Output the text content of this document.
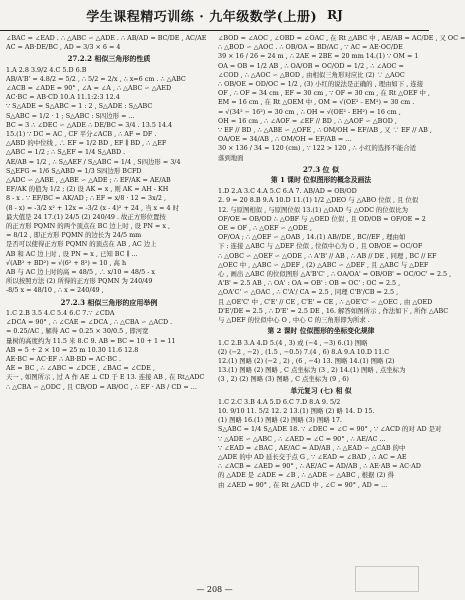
学生课程精巧训练 · 九年级数学(上册) RJ
∠BAC = ∠EAD . ∴ △ABC ∽ △ADE . ∴ AB/AD = BC/DE , AC/AE
AC = AB·DE/BC , AD = 3/3 × 6 = 4
27.2.2 相似三角形的性质
1.A 2.8 3.9/2 4.C 5.D 6.B
AB/A'B' = 4.8/2 = 5/2 , ∴ 5/2 = 2/x , ∴ x=6 cm . ∴ △ABC
∠ACB = ∠ADE = 90° , ∠A = ∠A , ∴ △ABC ∽ △AED
AC·BC = AB·CD 10.A 11.1:2:3 12.4
∵ S△ADE = S△ABC = 1 : 2 , S△ADE : S△ABC
S△ABC = 1/2 · 1 ; S△ABC : S四边形 = ...
BC = 3 ∴ ∠DEC ∽ △ADE ∴ DE/BC = 3/4 . 13.5 14.4
15.(1) ∵ DC = AC , CF 平分∠ACB , ∴ AF = DF .
△ABD 的中位线 , ∴ EF = 1/2 BD , EF ∥ BD , ∴ △EF
△ABC = 1/2 ; ∴ S△EF = 1/4 S△ABD .
AE/AB = 1/2 , ∴ S△AEF / S△ABC = 1/4 , S四边形 = 3/4
S△EFG = 1/6 S△ABD = 1/3 S四边形 BCFD
△ADC ∽ △ABE , △ABE ∽ △ADE ; ∴ EF/AK = AE/AB
EF/AK 的值为 1/2 ; (2) 设 AK = x , 则 AK = AH - KH
8 - x . ∵ EF/BC = AK/AD ; ∴ EF = x/8 · 12 = 3x/2 ,
(8 - x) = -3/2 x² + 12x = -3/2 (x - 4)² + 24 , 当 x = 4 时
最大值是 24 17.(1) 24/5 (2) 240/49 . 故正方形位置按
的正方形 PQMN 的两个顶点在 BC 边上时 , 设 PN = x ,
= 8/12 , 即正方形 PQMN 的边长为 24/5 mm
是否可以使得正方形 PQMN 的顶点在 AB , AC 边上
AB 和 AC 边上时 , 设 PN = x , 已知 BC ∥ ...
√(AB² + BD²) = √(6² + 8²) = 10 , 高 h
AB 与 AC 边上时的高 = 48/5 , ∴ x/10 = 48/5 - x
所以按照方法 (2) 所得的正方形 PQMN 为 240/49
-8/5 x = 48/10 , ∴ x = 240/49 ,
27.2.3 相似三角形的应用举例
1.C 2.B 3.5 4.C 5.4 6.C 7.∵ ∠CDA
∠DCA = 90° , ∴ ∠CAE = ∠DCA , ∴ △CBA ∽ △ACD .
= 0.25/AC , 解得 AC = 0.25 × 30/0.5 , 即河宽
量树的高度约为 11.5 米 8.C 9. AB = BC = 10 + 1 = 11
AB = 5 ÷ 2 × 10 = 25 m 10.30 11.6 12.8
AE·BC = AC·EF ∴ AB·BD = AC·BC .
AE = BC , ∴ ∠ABC = ∠DCE , ∠BAC = ∠CDE ,
天一 , 如图所示 , 过 A 作 AE ⊥ CD 于 E 13. 连接 AB , 在 Rt△ADC
∴ △CBA ∽ △ODC , 且 CB/OD = AB/OC , ∴ EF · AB / CD = ...
∠BOD = ∠AOC , ∠OBD = ∠OAC , 在 Rt △ABC 中 , AE/AB = AC/DE , 又 OC =
∴ △BOD ∽ △AOC . ∴ OB/OA = BD/AC , ∵ AC = AE·OC/DE
39 × 16 / 26 = 24 m , ∴ 2AE = 2BE = 20 mm 14.(1) ∵ OM = 1
OA = OB = 1/2 AB , ∴ OA/OB = OC/OD = 1/2 , ∴ ∠AOC =
∠COD , ∴ △AOC ∽ △BOD , 由相似三角形对应比 (2) ∵ △AOC
∴ OB/OE = OD/OC = 1/2 , (3) 小红的说法是正确的 , 理由如下 , 连接
OF , ∴ OF = 34 cm , EF = 30 cm , ∵ OF = 30 cm , 在 Rt △OEF 中 ,
EM = 16 cm , 在 Rt △OEM 中 , OM = √(OE² - EM²) = 30 cm .
= √(34² − 16²) = 30 cm , ∴ OH = √(OE² - EH²) = 16 cm ,
OH = 16 cm , ∴ ∠AOF = ∠EF // BD , ∴ △AOF ∽ △BOD ,
∵ EF // BD , ∴ △ABE ∽ △OFE , ∴ OM/OH = EF/AB , 又 ∵ EF // AB ,
OA/OE = 34/AB , ∴ OM/OH = EF/AB = ...
30 × 136 / 34 = 120 (cm) , ∵ 122 > 120 , ∴ 小红的选择不能合适
落到地面
27.3 位 似
第 1 课时 位似图形的概念及画法
1.D 2.A 3.C 4.A 5.C 6.A 7. AB/AD = OB/OD
2. 9 = 20 8.B 9.A 10.D 11.(1) 1/2 △DEO 与 △ABO 位似 , 且 位似
12. 与原图相似 , 与原图位似 13.(1) △OAD 与 △ODC 的位似比为
OF/OE = OB/OD ∴ △OBF 与 △OED 位似 , 且 OD/OB = OF/OE = 2
OE = OF , ∴ △OEF ∽ △ODE ,
OF/OA ; ∴ △OEF ∽ △OAB , 14.(1) AB//DE , BC//EF , 理由如
下 : 连接 △ABC 与 △DEF 位似 , 位似中心为 O , 且 OB/OE = OC/OF
∴ △OBC ∽ △OEF ∽ △ODE , ∴ A'B' // AB , ∴ AB // DE , 同理 , BC // EF
△OEC 中 , △ABC ∽ △DEF , (2) △ABC ∽ △DEF , 且 △ABC 与 △DEF
心 , 画出 △ABC 的位似图形 △A'B'C' , ∴ OA/OA' = OB/OB' = OC/OC' = 2.5 ,
A'B' = 2.5 AB , ∴ OA' : OA = OB' : OB = OC' : OC = 2.5 ,
△OA'C' ∽ △OAC , ∴ C'A'/ CA = 2.5 , 同理 C'B'/CB = 2.5 ,
且 △OE'C' 中 , C'E' // CE , C'E' = CE , ∴ △OE'C' ∽ △OEC , 由 △OED
D'E'/DE = 2.5 , ∴ D'E' = 2.5 DE , 16. 解答如图所示 , 作法如下 , 所作 △ABC
与 △DEF 的位似中心 O , 中心 C 的三角形即为所求 .
第 2 课时 位似图形的坐标变化规律
1.C 2.B 3.A 4.D 5.(4 , 3) 或 (−4 , −3) 6.(1) 图略
(2) (−2 , −2) , (1.5 , −0.5) 7.(4 , 6) 8.A 9.A 10.D 11.C
12.(1) 图略 (2) (−2 , 2) , (6 , −4) 13. 图略 14.(1) 图略 (2)
13.(1) 图略 (2) 图略 , C 点坐标为 (3 , 2) 14.(1) 图略 , 点坐标为
(3 , 2) (2) 图略 (3) 图略 , C 点坐标为 (9 , 6)
单元复习 (七) 相 似
1.C 2.C 3.B 4.A 5.D 6.C 7.D 8.A 9. 5/2
10. 9/10 11. 5/2 12. 2 13.(1) 图略 (2) 略 14. D 15.
(1) 图略 16.(1) 图略 (2) 图略 (3) 图略 17.
S△ABC = 1/4 S△ADE 18. ∵ ∠DEC = ∠C = 90° , ∵ ∠ACD 的对 AD 是对
∵ △ADE ∽ △ABC , ∴ ∠AED = ∠C = 90° , ∴ AE/AC ...
∵ ∠EAD = ∠BAC , AE/AC = AD/AB , ∴ △EAD ∽ △CAB 的中
△ADE 的中 AD 延长交于点 G , ∵ ∠EAD = ∠BAD , ∴ AC = AE
∴ ∠ACB = ∠AED = 90° , ∴ AE/AC = AD/AB , ∴ AE·AB = AC·AD
的 △ADE 是 ∠ADE = ∠B , ∴ △ADE ∽ △ABC , 根据 (2) 得
由 ∠AED = 90° , 在 Rt △ACD 中 , ∠C = 90° , AD = ...
— 208 —
